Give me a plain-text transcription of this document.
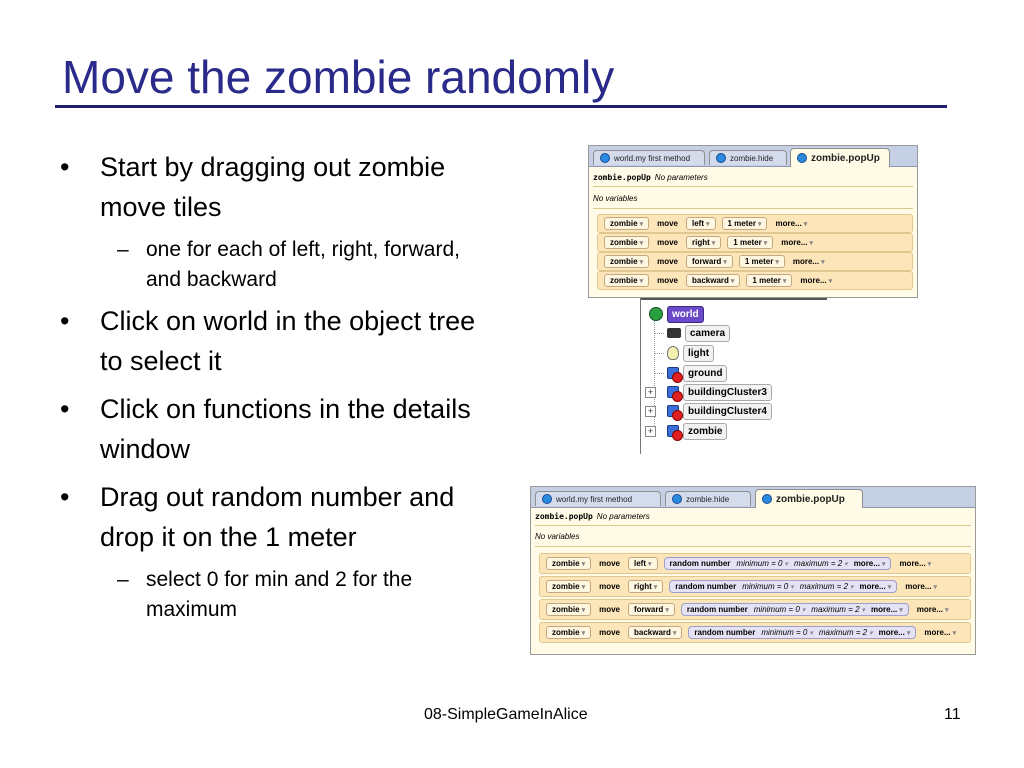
Move the zombie randomly
• Start by dragging out zombie move tiles
– one for each of left, right, forward, and backward
• Click on world in the object tree to select it
• Click on functions in the details window
• Drag out random number and drop it on the 1 meter
– select 0 for min and 2 for the maximum
world.my first method	zombie.hide	zombie.popUp
zombie.popUp No parameters
No variables
zombie ▾	move	left ▾	1 meter ▾	more... ▾
zombie ▾	move	right ▾	1 meter ▾	more... ▾
zombie ▾	move	forward ▾	1 meter ▾	more... ▾
zombie ▾	move	backward ▾	1 meter ▾	more... ▾
world
camera
light
ground
+	buildingCluster3
+	buildingCluster4
+	zombie
world.my first method	zombie.hide	zombie.popUp
zombie.popUp No parameters
No variables
zombie ▾	move	left ▾	random number minimum = 0 ▾ maximum = 2 ▾ more... ▾ more... ▾
zombie ▾	move	right ▾	random number minimum = 0 ▾ maximum = 2 ▾ more... ▾ more... ▾
zombie ▾	move	forward ▾	random number minimum = 0 ▾ maximum = 2 ▾ more... ▾ more... ▾
zombie ▾	move	backward ▾	random number minimum = 0 ▾ maximum = 2 ▾ more... ▾ more... ▾
08-SimpleGameInAlice	11
